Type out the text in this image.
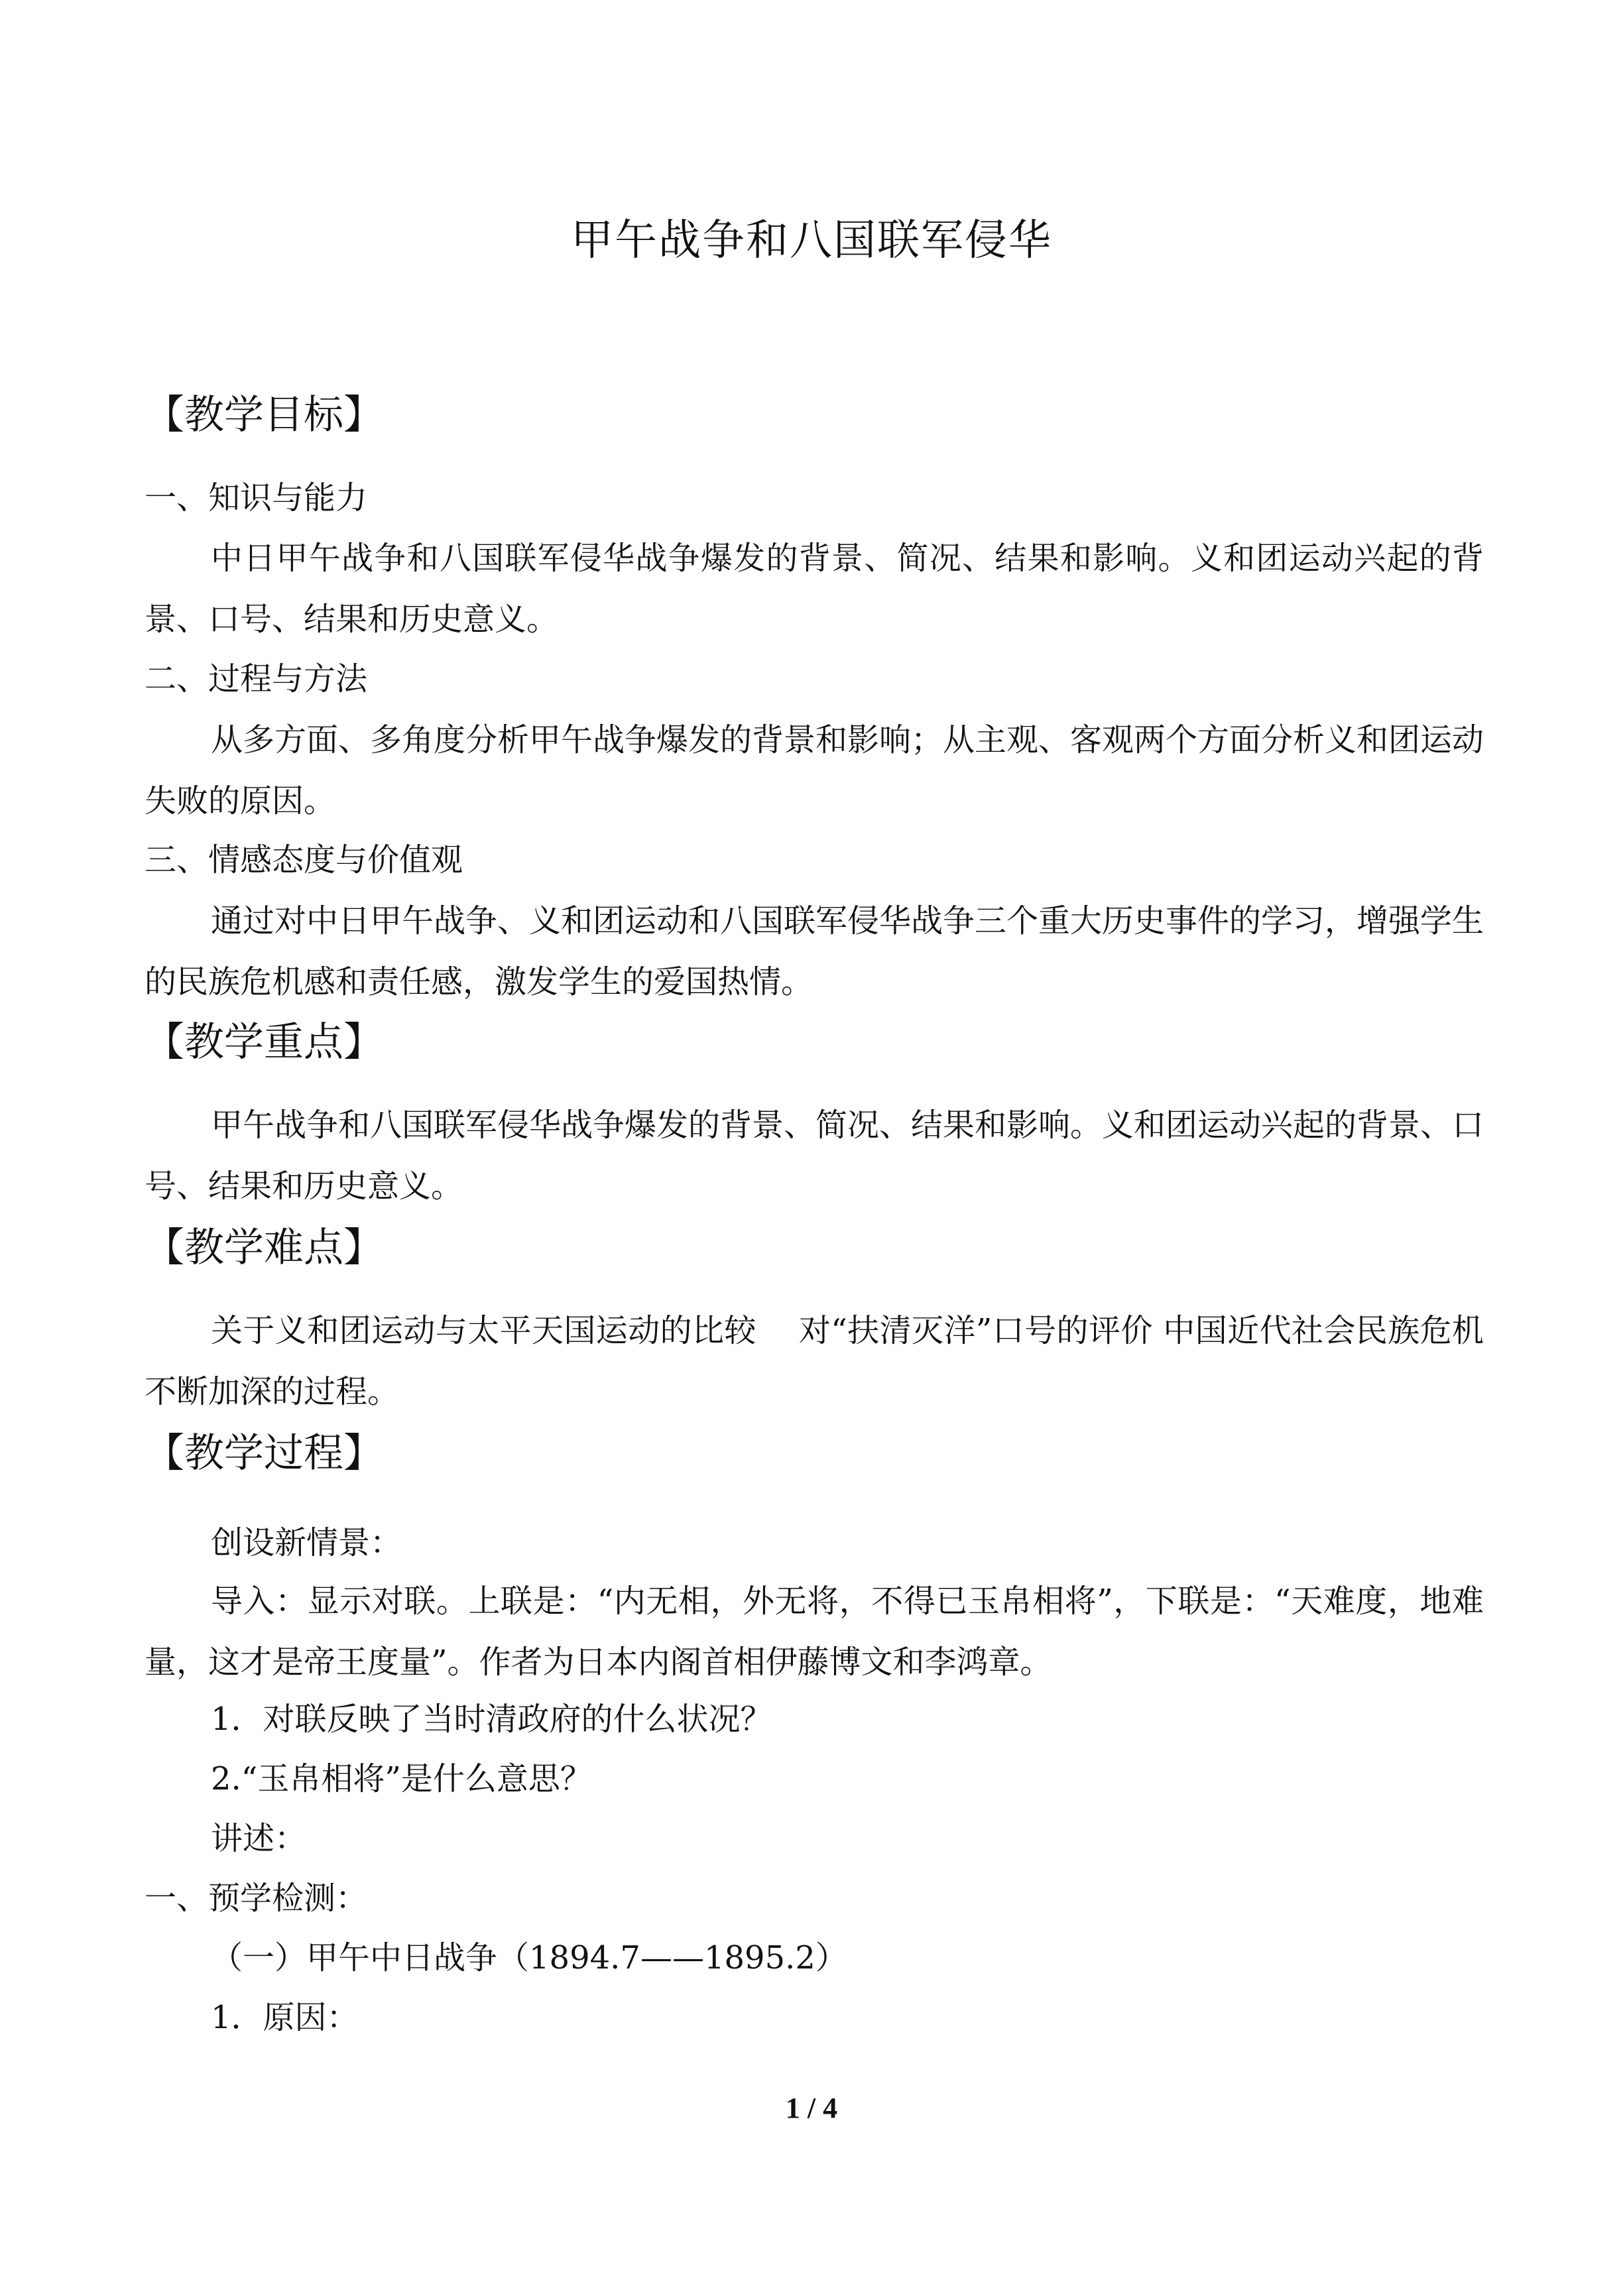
甲午战争和八国联军侵华
【教学目标】
一、知识与能力
中日甲午战争和八国联军侵华战争爆发的背景、简况、结果和影响。义和团运动兴起的背景、口号、结果和历史意义。
二、过程与方法
从多方面、多角度分析甲午战争爆发的背景和影响；从主观、客观两个方面分析义和团运动失败的原因。
三、情感态度与价值观
通过对中日甲午战争、义和团运动和八国联军侵华战争三个重大历史事件的学习，增强学生的民族危机感和责任感，激发学生的爱国热情。
【教学重点】
甲午战争和八国联军侵华战争爆发的背景、简况、结果和影响。义和团运动兴起的背景、口号、结果和历史意义。
【教学难点】
关于义和团运动与太平天国运动的比较　 对“扶清灭洋”口号的评价 中国近代社会民族危机不断加深的过程。
【教学过程】
创设新情景：
导入：显示对联。上联是：“内无相，外无将，不得已玉帛相将”，下联是：“天难度，地难量，这才是帝王度量”。作者为日本内阁首相伊藤博文和李鸿章。
1．对联反映了当时清政府的什么状况？
2.“玉帛相将”是什么意思？
讲述：
一、预学检测：
（一）甲午中日战争（1894.7——1895.2）
1．原因：
1 / 4
